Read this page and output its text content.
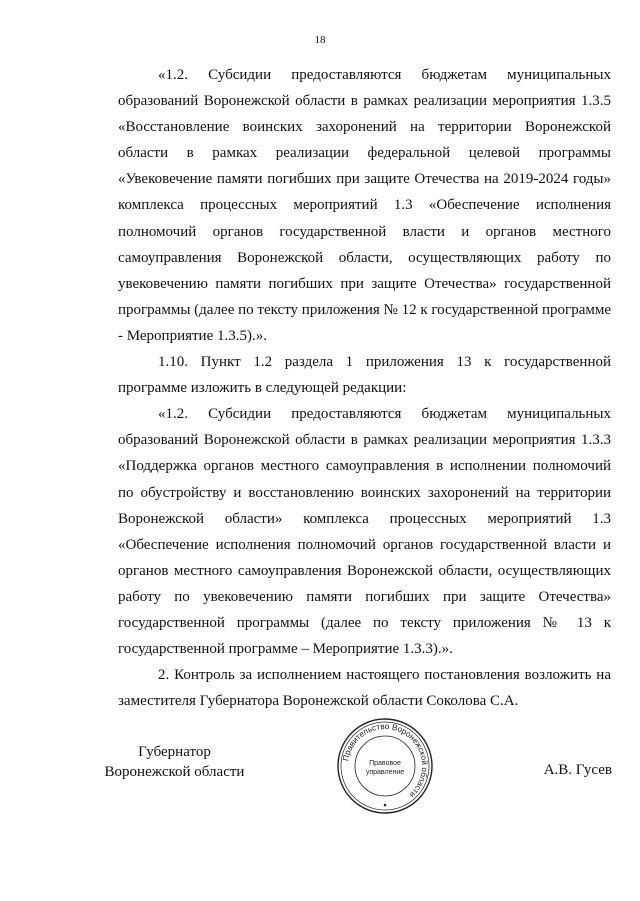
18

«1.2. Субсидии предоставляются бюджетам муниципальных образований Воронежской области в рамках реализации мероприятия 1.3.5 «Восстановление воинских захоронений на территории Воронежской области в рамках реализации федеральной целевой программы «Увековечение памяти погибших при защите Отечества на 2019-2024 годы» комплекса процессных мероприятий 1.3 «Обеспечение исполнения полномочий органов государственной власти и органов местного самоуправления Воронежской области, осуществляющих работу по увековечению памяти погибших при защите Отечества» государственной программы (далее по тексту приложения № 12 к государственной программе - Мероприятие 1.3.5).».

1.10. Пункт 1.2 раздела 1 приложения 13 к государственной программе изложить в следующей редакции:

«1.2. Субсидии предоставляются бюджетам муниципальных образований Воронежской области в рамках реализации мероприятия 1.3.3 «Поддержка органов местного самоуправления в исполнении полномочий по обустройству и восстановлению воинских захоронений на территории Воронежской области» комплекса процессных мероприятий 1.3 «Обеспечение исполнения полномочий органов государственной власти и органов местного самоуправления Воронежской области, осуществляющих работу по увековечению памяти погибших при защите Отечества» государственной программы (далее по тексту приложения № 13 к государственной программе – Мероприятие 1.3.3).».

2. Контроль за исполнением настоящего постановления возложить на заместителя Губернатора Воронежской области Соколова С.А.

Губернатор
Воронежской области
Правительство Воронежской области
Правовое
управление	А.В. Гусев
